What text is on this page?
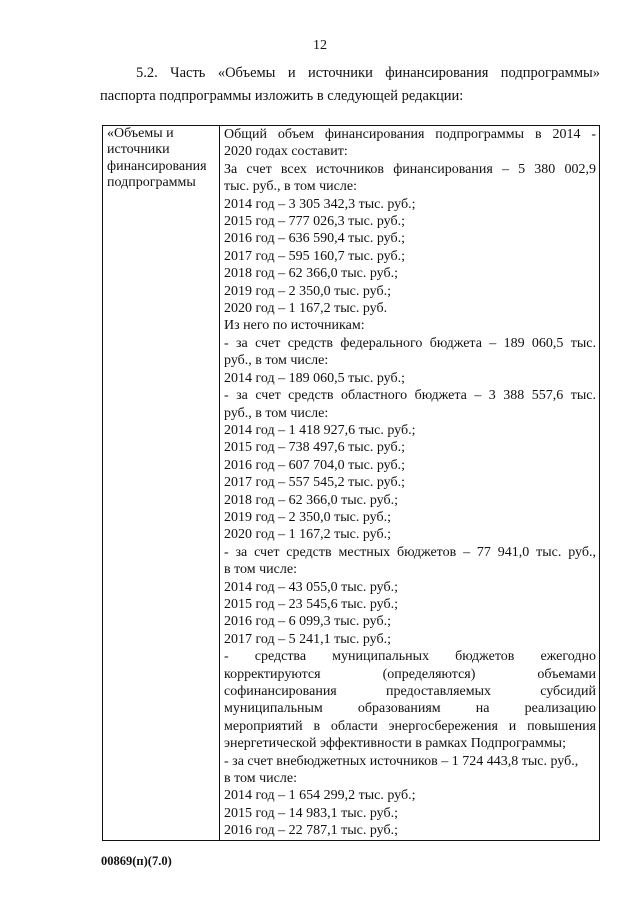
12
5.2. Часть «Объемы и источники финансирования подпрограммы»
паспорта подпрограммы изложить в следующей редакции:
«Объемы и
источники
финансирования
подпрограммы

Общий объем финансирования подпрограммы в 2014 -
2020 годах составит:
За счет всех источников финансирования – 5 380 002,9
тыс. руб., в том числе:
2014 год – 3 305 342,3 тыс. руб.;
2015 год – 777 026,3 тыс. руб.;
2016 год – 636 590,4 тыс. руб.;
2017 год – 595 160,7 тыс. руб.;
2018 год – 62 366,0 тыс. руб.;
2019 год – 2 350,0 тыс. руб.;
2020 год – 1 167,2 тыс. руб.
Из него по источникам:
- за счет средств федерального бюджета – 189 060,5 тыс.
руб., в том числе:
2014 год – 189 060,5 тыс. руб.;
- за счет средств областного бюджета – 3 388 557,6 тыс.
руб., в том числе:
2014 год – 1 418 927,6 тыс. руб.;
2015 год – 738 497,6 тыс. руб.;
2016 год – 607 704,0 тыс. руб.;
2017 год – 557 545,2 тыс. руб.;
2018 год – 62 366,0 тыс. руб.;
2019 год – 2 350,0 тыс. руб.;
2020 год – 1 167,2 тыс. руб.;
- за счет средств местных бюджетов – 77 941,0 тыс. руб.,
в том числе:
2014 год – 43 055,0 тыс. руб.;
2015 год – 23 545,6 тыс. руб.;
2016 год – 6 099,3 тыс. руб.;
2017 год – 5 241,1 тыс. руб.;
- средства муниципальных бюджетов ежегодно
корректируются (определяются) объемами
софинансирования предоставляемых субсидий
муниципальным образованиям на реализацию
мероприятий в области энергосбережения и повышения
энергетической эффективности в рамках Подпрограммы;
- за счет внебюджетных источников – 1 724 443,8 тыс. руб.,
в том числе:
2014 год – 1 654 299,2 тыс. руб.;
2015 год – 14 983,1 тыс. руб.;
2016 год – 22 787,1 тыс. руб.;
00869(п)(7.0)
